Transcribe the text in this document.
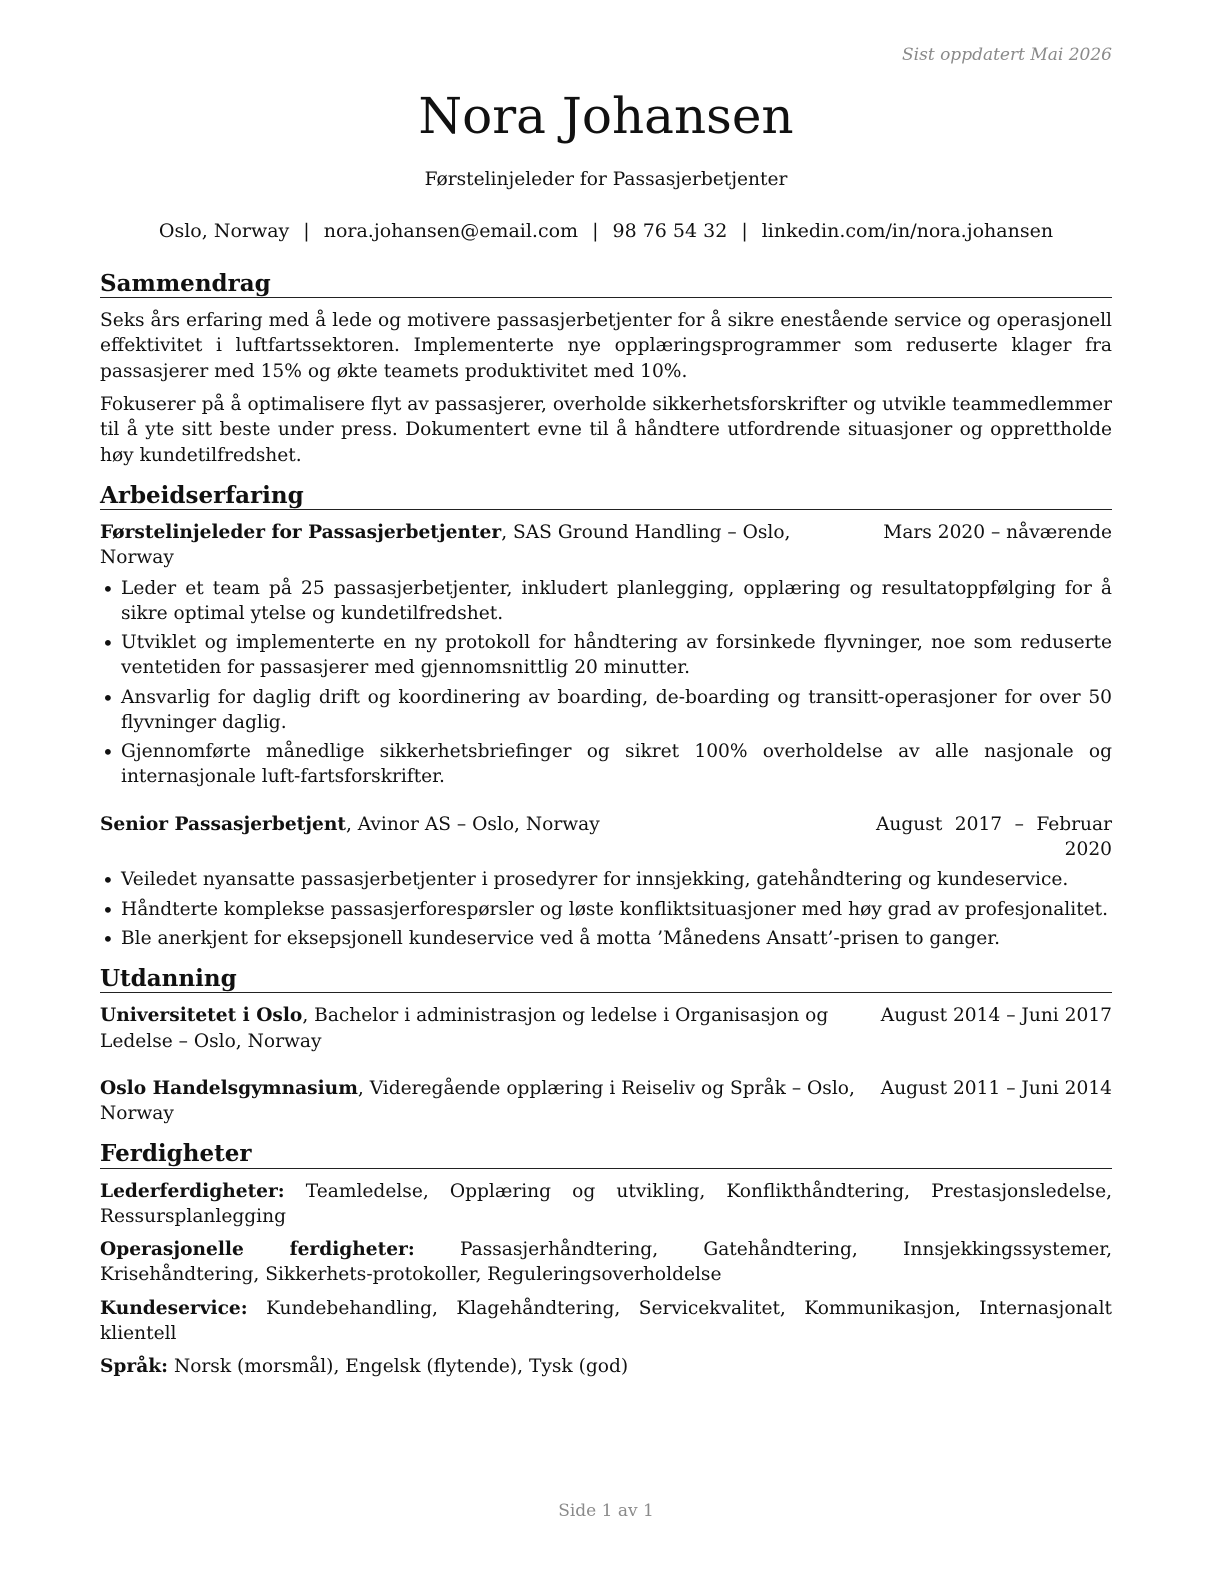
Sist oppdatert Mai 2026
Nora Johansen
Førstelinjeleder for Passasjerbetjenter
Oslo, Norway | nora.johansen@email.com | 98 76 54 32 | linkedin.com/in/nora.johansen
Sammendrag

Seks års erfaring med å lede og motivere passasjerbetjenter for å sikre enestående service og operasjonell effektivitet i luftfartssektoren. Implementerte nye opplæringsprogrammer som reduserte klager fra passasjerer med 15% og økte teamets produktivitet med 10%.

Fokuserer på å optimalisere flyt av passasjerer, overholde sikkerhetsforskrifter og utvikle teammedlemmer til å yte sitt beste under press. Dokumentert evne til å håndtere utfordrende situasjoner og opprettholde høy kundetilfredshet.

Arbeidserfaring
Førstelinjeleder for Passasjerbetjenter, SAS Ground Handling – Oslo, Norway
Mars 2020 – nåværende
• Leder et team på 25 passasjerbetjenter, inkludert planlegging, opplæring og resultatoppfølging for å sikre optimal ytelse og kundetilfredshet.
• Utviklet og implementerte en ny protokoll for håndtering av forsinkede flyvninger, noe som reduserte ventetiden for passasjerer med gjennomsnittlig 20 minutter.
• Ansvarlig for daglig drift og koordinering av boarding, de-boarding og transitt-operasjoner for over 50 flyvninger daglig.
• Gjennomførte månedlige sikkerhetsbriefinger og sikret 100% overholdelse av alle nasjonale og internasjonale luft-fartsforskrifter.
Senior Passasjerbetjent, Avinor AS – Oslo, Norway	August 2017 – Februar 2020
• Veiledet nyansatte passasjerbetjenter i prosedyrer for innsjekking, gatehåndtering og kundeservice.
• Håndterte komplekse passasjerforespørsler og løste konfliktsituasjoner med høy grad av profesjonalitet.
• Ble anerkjent for eksepsjonell kundeservice ved å motta ’Månedens Ansatt’-prisen to ganger.
Utdanning
Universitetet i Oslo, Bachelor i administrasjon og ledelse i Organisasjon og Ledelse – Oslo, Norway
August 2014 – Juni 2017
Oslo Handelsgymnasium, Videregående opplæring i Reiseliv og Språk – Oslo, Norway
August 2011 – Juni 2014
Ferdigheter
Lederferdigheter: Teamledelse, Opplæring og utvikling, Konflikthåndtering, Prestasjonsledelse, Ressursplanlegging
Operasjonelle ferdigheter: Passasjerhåndtering, Gatehåndtering, Innsjekkingssystemer, Krisehåndtering, Sikkerhets-protokoller, Reguleringsoverholdelse
Kundeservice: Kundebehandling, Klagehåndtering, Servicekvalitet, Kommunikasjon, Internasjonalt klientell
Språk: Norsk (morsmål), Engelsk (flytende), Tysk (god)
Side 1 av 1
